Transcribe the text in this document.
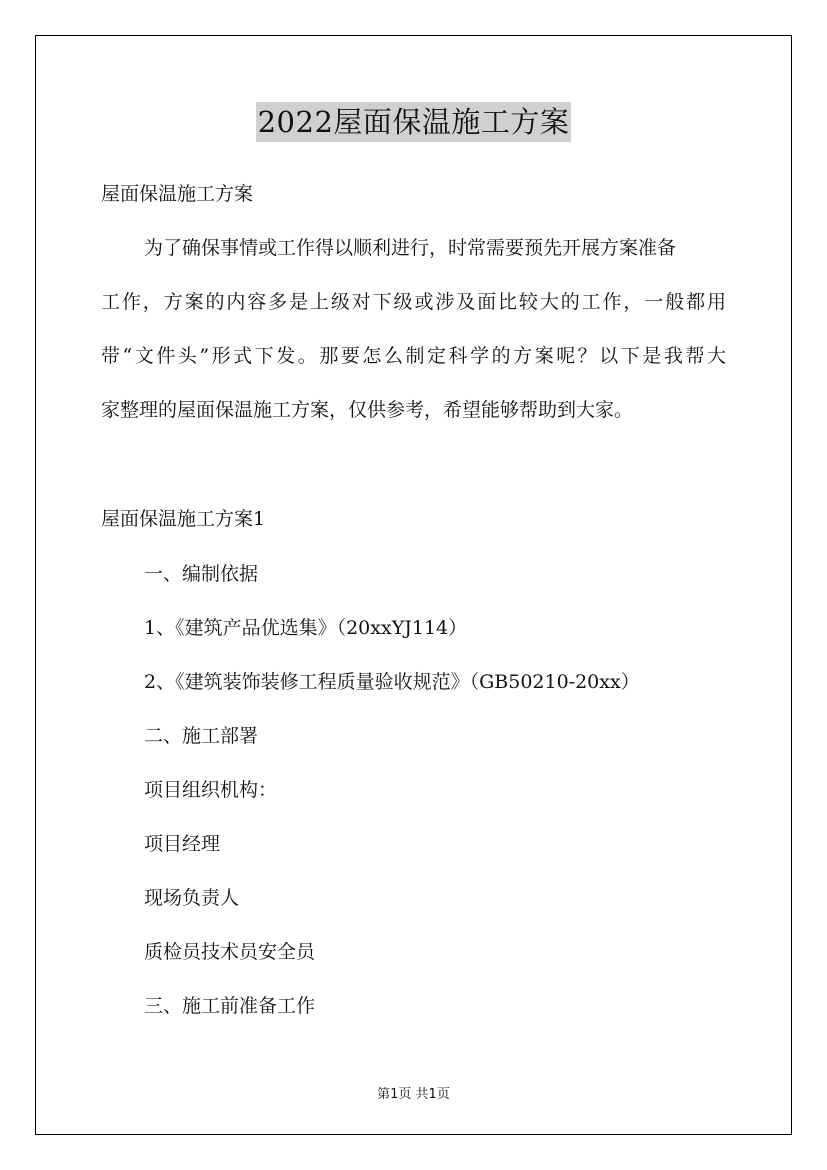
2022屋面保温施工方案
屋面保温施工方案
为了确保事情或工作得以顺利进行，时常需要预先开展方案准备
工作，方案的内容多是上级对下级或涉及面比较大的工作，一般都用
带“文件头”形式下发。那要怎么制定科学的方案呢？以下是我帮大
家整理的屋面保温施工方案，仅供参考，希望能够帮助到大家。
屋面保温施工方案1
一、编制依据
1、《建筑产品优选集》（20xxYJ114）
2、《建筑装饰装修工程质量验收规范》（GB50210-20xx）
二、施工部署
项目组织机构：
项目经理
现场负责人
质检员技术员安全员
三、施工前准备工作
第1页 共1页
